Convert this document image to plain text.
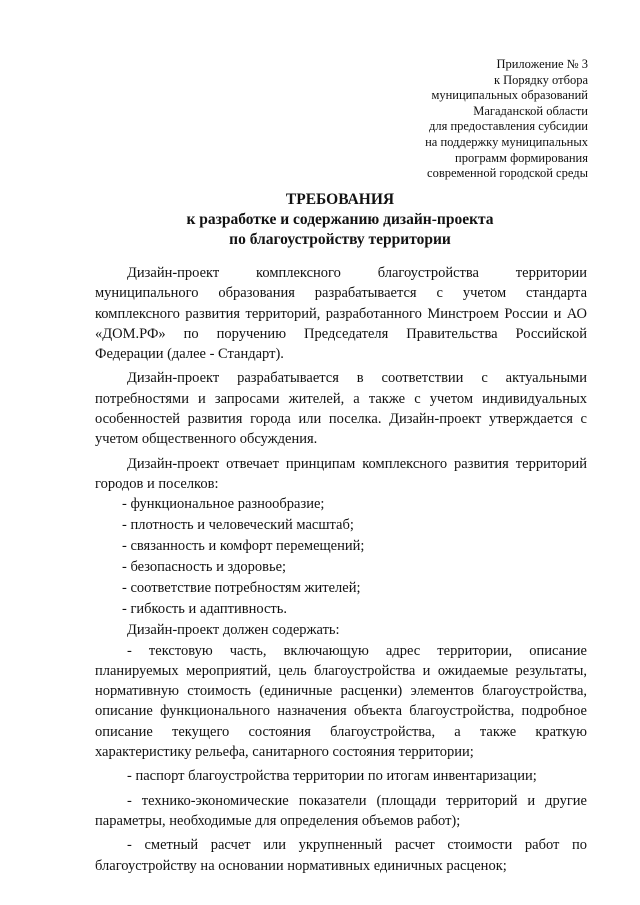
Приложение № 3
к Порядку отбора
муниципальных образований
Магаданской области
для предоставления субсидии
на поддержку муниципальных
программ формирования
современной городской среды
ТРЕБОВАНИЯ
к разработке и содержанию дизайн-проекта
по благоустройству территории

Дизайн-проект комплексного благоустройства территории муниципального образования разрабатывается с учетом стандарта комплексного развития территорий, разработанного Минстроем России и АО «ДОМ.РФ» по поручению Председателя Правительства Российской Федерации (далее - Стандарт).

Дизайн-проект разрабатывается в соответствии с актуальными потребностями и запросами жителей, а также с учетом индивидуальных особенностей развития города или поселка. Дизайн-проект утверждается с учетом общественного обсуждения.

Дизайн-проект отвечает принципам комплексного развития территорий городов и поселков:

- функциональное разнообразие;

- плотность и человеческий масштаб;

- связанность и комфорт перемещений;

- безопасность и здоровье;

- соответствие потребностям жителей;

- гибкость и адаптивность.

Дизайн-проект должен содержать:

- текстовую часть, включающую адрес территории, описание планируемых мероприятий, цель благоустройства и ожидаемые результаты, нормативную стоимость (единичные расценки) элементов благоустройства, описание функционального назначения объекта благоустройства, подробное описание текущего состояния благоустройства, а также краткую характеристику рельефа, санитарного состояния территории;

- паспорт благоустройства территории по итогам инвентаризации;

- технико-экономические показатели (площади территорий и другие параметры, необходимые для определения объемов работ);

- сметный расчет или укрупненный расчет стоимости работ по благоустройству на основании нормативных единичных расценок;
